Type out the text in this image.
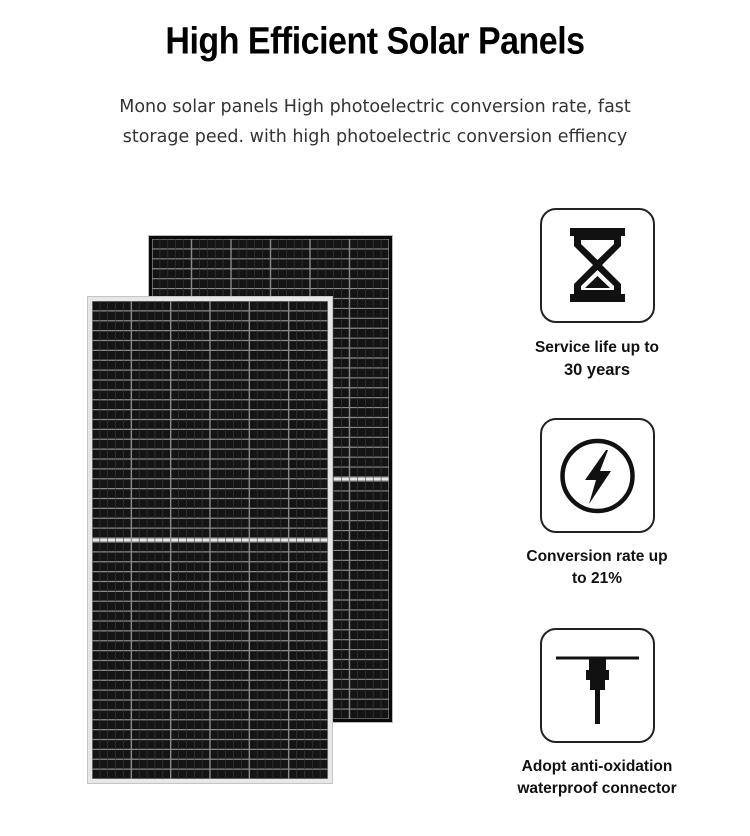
High Efficient Solar Panels
Mono solar panels High photoelectric conversion rate, fast
storage peed. with high photoelectric conversion effiency
Service life up to
30 years
Conversion rate up
to 21%
Adopt anti-oxidation
waterproof connector
